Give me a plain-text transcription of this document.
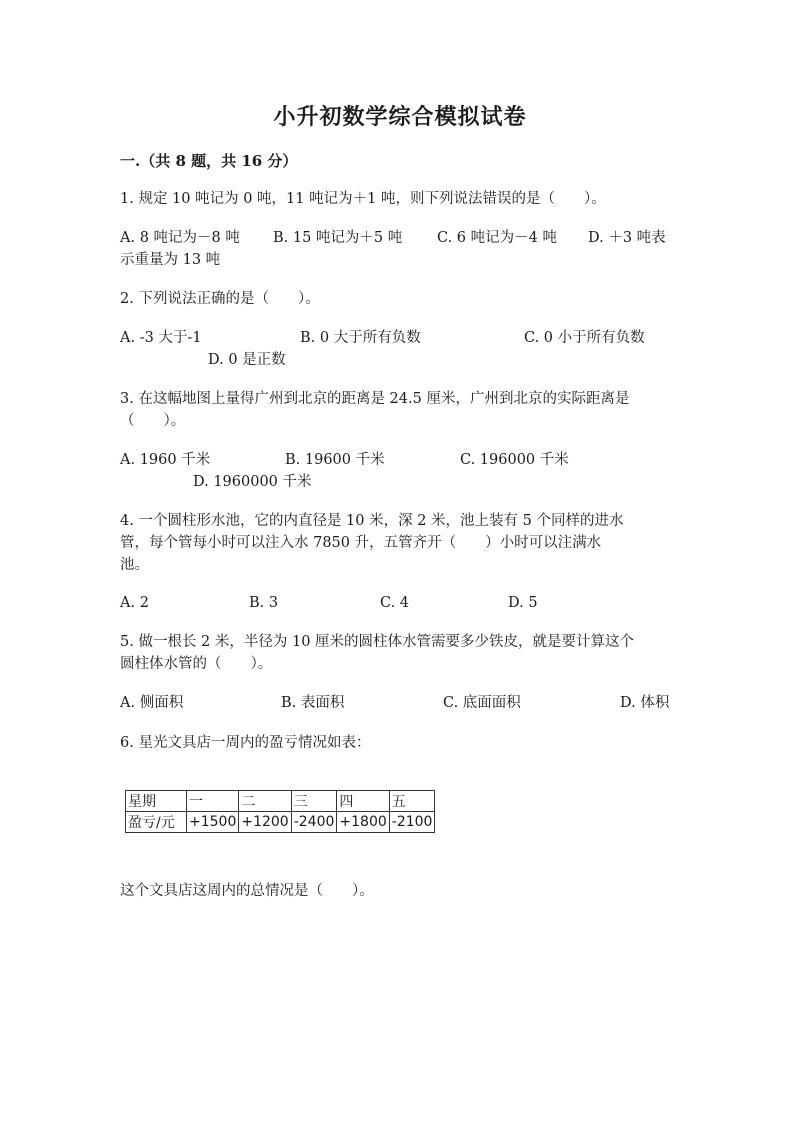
小升初数学综合模拟试卷
一.（共 8 题，共 16 分）
1. 规定 10 吨记为 0 吨，11 吨记为＋1 吨，则下列说法错误的是（　　）。
A. 8 吨记为－8 吨 B. 15 吨记为＋5 吨 C. 6 吨记为－4 吨 D. ＋3 吨表
示重量为 13 吨
2. 下列说法正确的是（　　）。
A. -3 大于-1	B. 0 大于所有负数	C. 0 小于所有负数
D. 0 是正数
3. 在这幅地图上量得广州到北京的距离是 24.5 厘米，广州到北京的实际距离是
（　　）。
A. 1960 千米	B. 19600 千米	C. 196000 千米
D. 1960000 千米
4. 一个圆柱形水池，它的内直径是 10 米，深 2 米，池上装有 5 个同样的进水
管，每个管每小时可以注入水 7850 升，五管齐开（　　）小时可以注满水
池。
A. 2	B. 3	C. 4	D. 5
5. 做一根长 2 米，半径为 10 厘米的圆柱体水管需要多少铁皮，就是要计算这个
圆柱体水管的（　　）。
A. 侧面积	B. 表面积	C. 底面面积	D. 体积
6. 星光文具店一周内的盈亏情况如表：
星期	一	二	三	四	五
盈亏/元	+1500	+1200	-2400	+1800	-2100
这个文具店这周内的总情况是（　　）。
